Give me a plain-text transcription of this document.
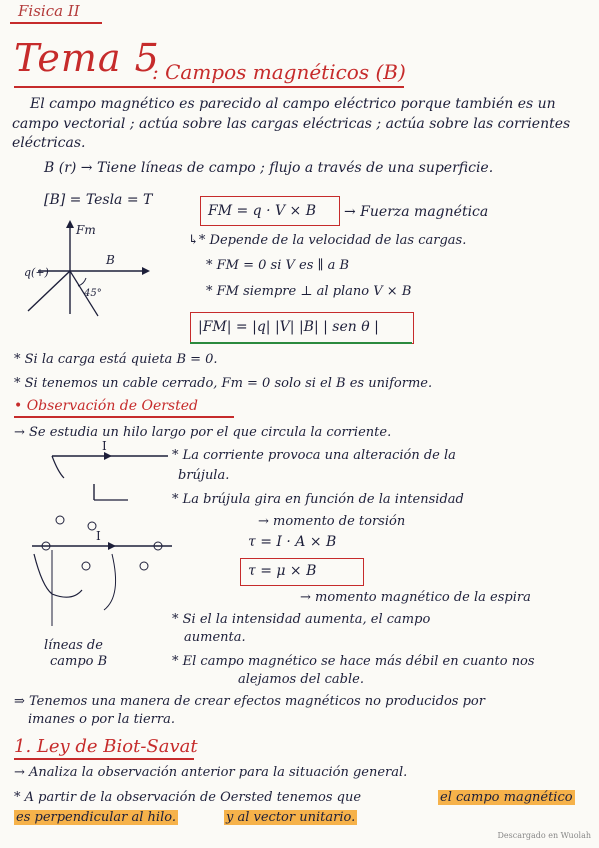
Fisica II
Tema 5
: Campos magnéticos (B)
El campo magnético es parecido al campo eléctrico porque también es un
campo vectorial ; actúa sobre las cargas eléctricas ; actúa sobre las corrientes
eléctricas.
B (r) → Tiene líneas de campo ; flujo a través de una superficie.
[B] = Tesla = T
FM = q · V × B → Fuerza magnética
↳* Depende de la velocidad de las cargas.
* FM = 0 si V es ∥ a B
* FM siempre ⊥ al plano V × B
|FM| = |q| |V| |B| | sen θ |
Fm
B
q(+)
45°
* Si la carga está quieta B = 0.
* Si tenemos un cable cerrado, Fm = 0 solo si el B es uniforme.
• Observación de Oersted
→ Se estudia un hilo largo por el que circula la corriente.
I
* La corriente provoca una alteración de la
brújula.
* La brújula gira en función de la intensidad
→ momento de torsión
τ = I · A × B
τ = μ × B
→ momento magnético de la espira
I
líneas de
campo B
* Si el la intensidad aumenta, el campo
aumenta.
* El campo magnético se hace más débil en cuanto nos
alejamos del cable.
⇒ Tenemos una manera de crear efectos magnéticos no producidos por
imanes o por la tierra.
1. Ley de Biot-Savat
→ Analiza la observación anterior para la situación general.
* A partir de la observación de Oersted tenemos que	el campo magnético
es perpendicular al hilo.	y al vector unitario.
Descargado en Wuolah
